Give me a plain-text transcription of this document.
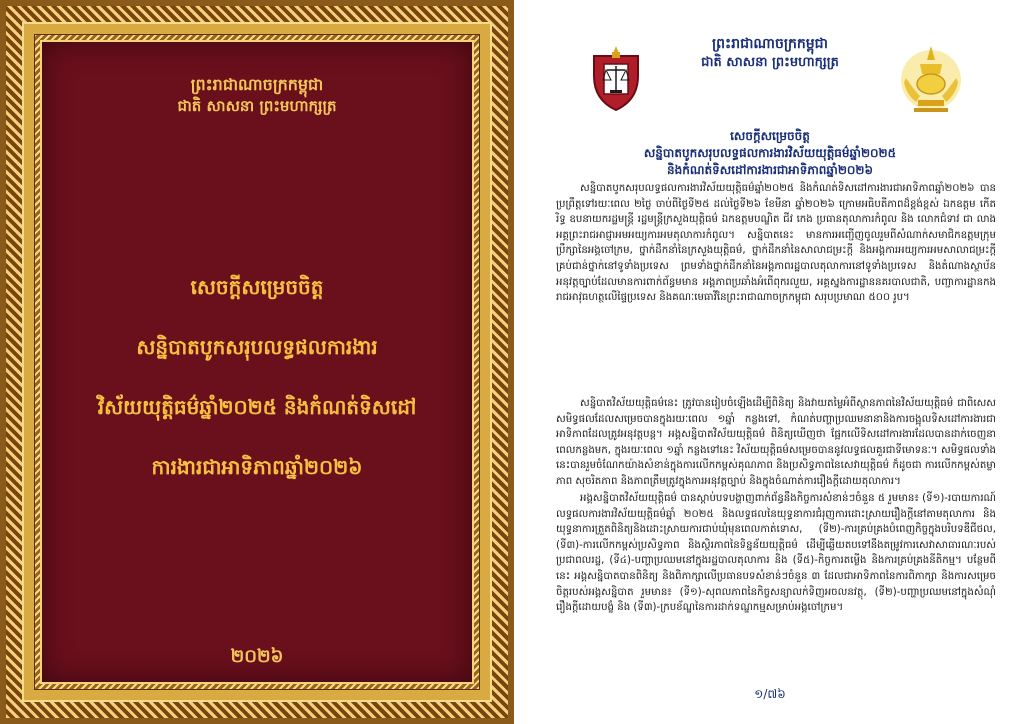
ព្រះរាជាណាចក្រកម្ពុជា
ជាតិ សាសនា ព្រះមហាក្សត្រ
សេចក្ដីសម្រេចចិត្ត
សន្និបាតបូកសរុបលទ្ធផលការងារ
វិស័យយុត្តិធម៌ឆ្នាំ២០២៥ និងកំណត់ទិសដៅ
ការងារជាអាទិភាពឆ្នាំ២០២៦
២០២៦
ព្រះរាជាណាចក្រកម្ពុជា
ជាតិ សាសនា ព្រះមហាក្សត្រ
សេចក្តីសម្រេចចិត្ត
សន្និបាតបូកសរុបលទ្ធផលការងារវិស័យយុត្តិធម៌ឆ្នាំ២០២៥
និងកំណត់ទិសដៅការងារជាអាទិភាពឆ្នាំ២០២៦
សន្និបាតបូកសរុបលទ្ធផលការងារវិស័យយុត្តិធម៌ឆ្នាំ២០២៥ និងកំណត់ទិសដៅការងារជាអាទិភាពឆ្នាំ២០២៦ បានប្រព្រឹត្តទៅរយៈពេល ២ថ្ងៃ ចាប់ពីថ្ងៃទី២៥ ដល់ថ្ងៃទី២៦ ខែមីនា ឆ្នាំ២០២៦ ក្រោមអធិបតីភាពដ៏ខ្ពង់ខ្ពស់ ឯកឧត្តម កើត រិទ្ធ ឧបនាយករដ្ឋមន្ត្រី រដ្ឋមន្ត្រីក្រសួងយុត្តិធម៌ ឯកឧត្តមបណ្ឌិត ជីវ កេង ប្រធានតុលាការកំពូល និង លោកជំទាវ ជា លាង អគ្គព្រះរាជអាជ្ញាអមអយ្យការអមតុលាការកំពូល។ សន្និបាតនេះ មានការអញ្ជើញចូលរួមពីសំណាក់សមាជិកឧត្តមក្រុមប្រឹក្សានៃអង្គចៅក្រម, ថ្នាក់ដឹកនាំនៃក្រសួងយុត្តិធម៌, ថ្នាក់ដឹកនាំនៃសាលាជម្រះក្តី និងអង្គការអយ្យការអមសាលាជម្រះក្តីគ្រប់ជាន់ថ្នាក់នៅទូទាំងប្រទេស ព្រមទាំងថ្នាក់ដឹកនាំនៃអង្គភាពរដ្ឋបាលតុលាការនៅទូទាំងប្រទេស និងតំណាងស្ថាប័នអនុវត្តច្បាប់ដែលមានការពាក់ព័ន្ធមមាន អង្គភាពប្រឆាំងអំពើពុករលួយ, អគ្គស្នងការដ្ឋាននគរបាលជាតិ, បញ្ជាការដ្ឋានកងរាជអាវុធហត្ថលើផ្ទៃប្រទេស និងគណៈមេធាវីនៃព្រះរាជាណាចក្រកម្ពុជា សរុបប្រមាណ ៥០០ រូប។
សន្និបាតវិស័យយុត្តិធម៌នេះ ត្រូវបានរៀបចំឡើងដើម្បីពិនិត្យ និងវាយតម្លៃអំពីស្ថានភាពនៃវិស័យយុត្តិធម៌ ជាពិសេស សមិទ្ធផលដែលសម្រេចបានក្នុងរយៈពេល ១ឆ្នាំ កន្លងទៅ, កំណត់បញ្ហាប្រឈមនានានិងការចង្អុលទិសដៅការងារជាអាទិភាពដែលត្រូវអនុវត្តបន្ត។ អង្គសន្និបាតវិស័យយុត្តិធម៌ ពិនិត្យឃើញថា ផ្អែកលើទិសដៅការងារដែលបានដាក់ចេញនាពេលកន្លងមក, ក្នុងរយៈពេល ១ឆ្នាំ កន្លងទៅនេះ វិស័យយុត្តិធម៌សម្រេចបាននូវលទ្ធផលគួរជាទីមោទនៈ។ សមិទ្ធផលទាំងនេះបានរួមចំណែកយ៉ាងសំខាន់ក្នុងការលើកកម្ពស់គុណភាព និងប្រសិទ្ធភាពនៃសេវាយុត្តិធម៌ ក៏ដូចជា ការលើកកម្ពស់តម្លាភាព សុចរិតភាព និងភាពត្រឹមត្រូវក្នុងការអនុវត្តច្បាប់ និងក្នុងចំណាត់ការរឿងក្តីដោយតុលាការ។
អង្គសន្និបាតវិស័យយុត្តិធម៌ បានស្ដាប់បទបង្ហាញពាក់ព័ន្ធនឹងកិច្ចការសំខាន់ៗចំនួន ៥ រួមមាន៖ (ទី១)-របាយការណ៍លទ្ធផលការងារវិស័យយុត្តិធម៌ឆ្នាំ ២០២៥ និងលទ្ធផលនៃយុទ្ធនាការជំរុញការដោះស្រាយរឿងក្តីនៅតាមតុលាការ និងយុទ្ធនាការត្រួតពិនិត្យនិងដោះស្រាយការជាប់ឃុំមុនពេលកាត់ទោស, (ទី២)-ការគ្រប់គ្រងបំពេញកិច្ចក្នុងបរិបទឌីជីថល, (ទី៣)-ការលើកកម្ពស់ប្រសិទ្ធភាព និងស្ថិរភាពនៃទិន្នន័យយុត្តិធម៌ ដើម្បីឆ្លើយតបទៅនឹងតម្រូវការសេវាសាធារណៈរបស់ប្រជាពលរដ្ឋ, (ទី៤)-បញ្ហាប្រឈមនៅក្នុងរដ្ឋបាលតុលាការ និង (ទី៥)-កិច្ចការតម្លើង និងការគ្រប់គ្រងនីតិកម្ម។ បន្ថែមពីនេះ អង្គសន្និបាតបានពិនិត្យ និងពិភាក្សាលើប្រធានបទសំខាន់ៗចំនួន ៣ ដែលជាអាទិភាពនៃការពិភាក្សា និងការសម្រេចចិត្តរបស់អង្គសន្និបាត រួមមាន៖ (ទី១)-សុពលភាពនៃកិច្ចសន្យាលក់ទិញអចលនវត្ថុ, (ទី២)-បញ្ហាប្រឈមនៅក្នុងសំណុំរឿងក្តីដោយបង្ខំ និង (ទី៣)-ក្របខ័ណ្ឌនៃការដាក់ទណ្ឌកម្មសម្រាប់អង្គចៅក្រម។
១/៧៦
